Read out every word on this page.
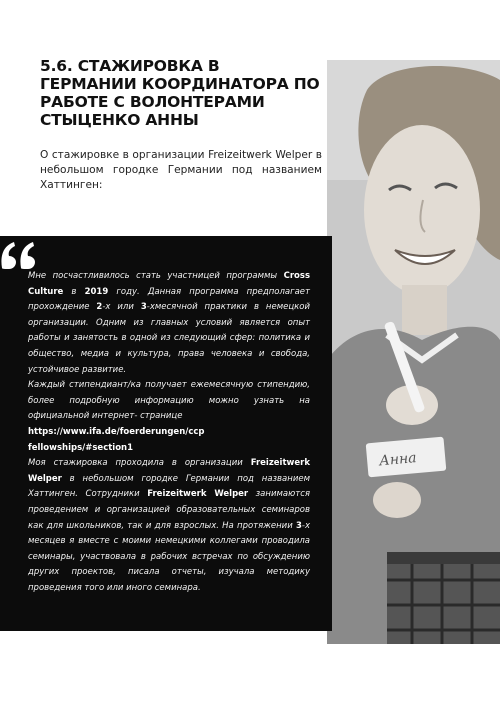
5.6. СТАЖИРОВКА В ГЕРМАНИИ КООРДИНАТОРА ПО РАБОТЕ С ВОЛОНТЕРАМИ СТЫЦЕНКО АННЫ
О стажировке в организации Freizeitwerk Welper в небольшом городке Германии под названием Хаттинген:
Анна

Мне посчастливилось стать участницей программы Cross Culture в 2019 году. Данная программа предполагает прохождение 2-х или 3-хмесячной практики в немецкой организации. Одним из главных условий является опыт работы и занятость в одной из следующий сфер: политика и общество, медиа и культура, права человека и свобода, устойчивое развитие.

Каждый стипендиант/ка получает ежемесячную стипендию, более подробную информацию можно узнать на официальной интернет- странице
https://www.ifa.de/foerderungen/ccp
fellowships/#section1

Моя стажировка проходила в организации Freizeitwerk Welper в небольшом городке Германии под названием Хаттинген. Сотрудники Freizeitwerk Welper занимаются проведением и организацией образовательных семинаров как для школьников, так и для взрослых. На протяжении 3-х месяцев я вместе с моими немецкими коллегами проводила семинары, участвовала в рабочих встречах по обсуждению других проектов, писала отчеты, изучала методику проведения того или иного семинара.
